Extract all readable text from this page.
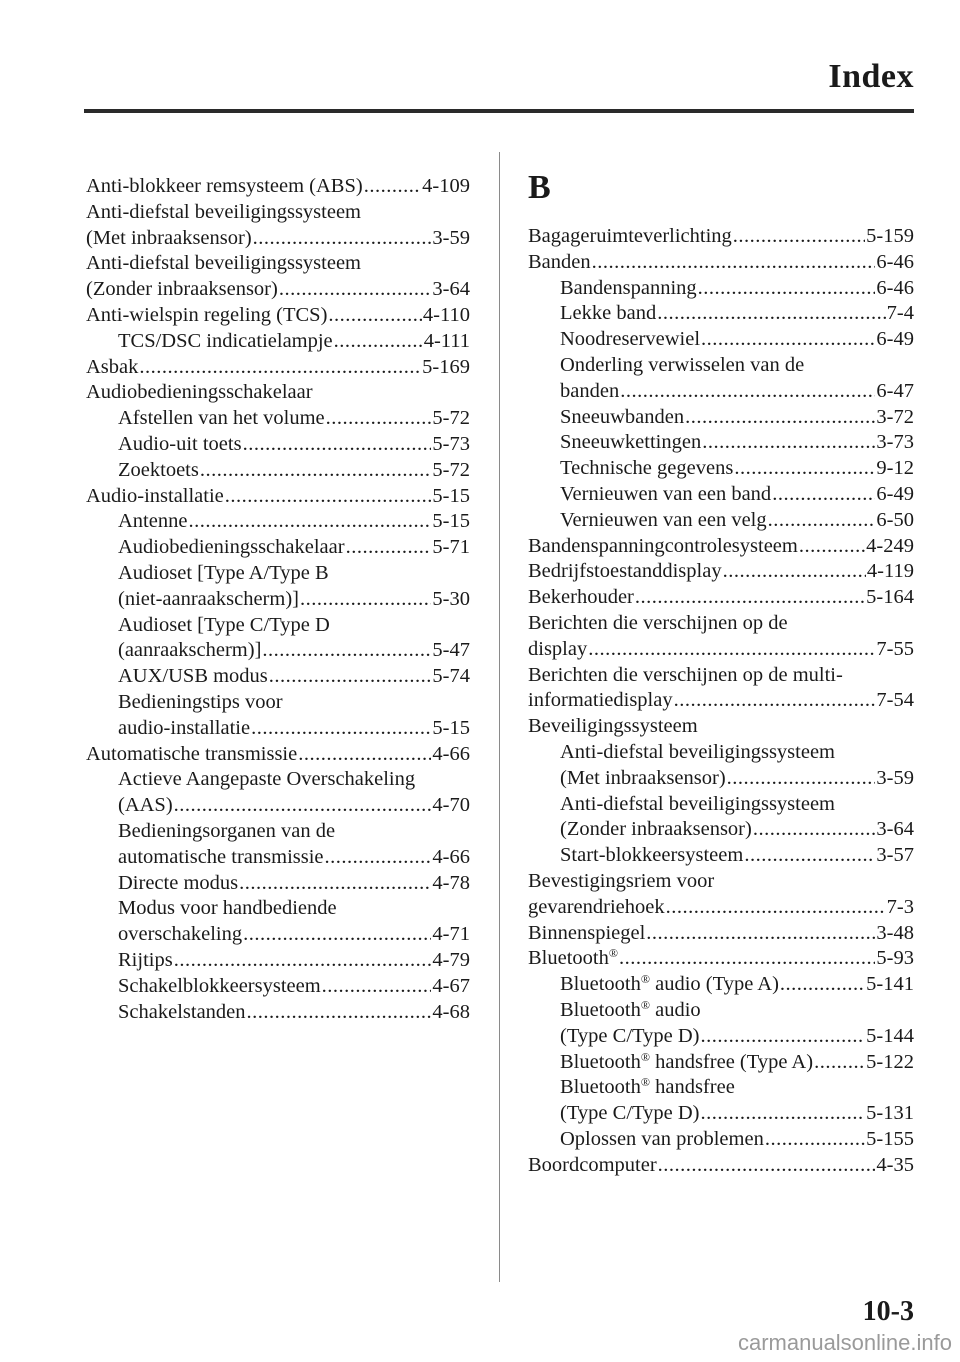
Index
Anti-blokkeer remsysteem (ABS) .....	4-109
Anti-diefstal beveiligingssysteem
(Met inbraaksensor) .....	3-59
Anti-diefstal beveiligingssysteem
(Zonder inbraaksensor) .....	3-64
Anti-wielspin regeling (TCS) .....	4-110
TCS/DSC indicatielampje .....	4-111
Asbak .....	5-169
Audiobedieningsschakelaar
Afstellen van het volume .....	5-72
Audio-uit toets .....	5-73
Zoektoets .....	5-72
Audio-installatie .....	5-15
Antenne .....	5-15
Audiobedieningsschakelaar .....	5-71
Audioset [Type A/Type B
(niet-aanraakscherm)] .....	5-30
Audioset [Type C/Type D
(aanraakscherm)] .....	5-47
AUX/USB modus .....	5-74
Bedieningstips voor
audio-installatie .....	5-15
Automatische transmissie .....	4-66
Actieve Aangepaste Overschakeling
(AAS) .....	4-70
Bedieningsorganen van de
automatische transmissie .....	4-66
Directe modus .....	4-78
Modus voor handbediende
overschakeling .....	4-71
Rijtips .....	4-79
Schakelblokkeersysteem .....	4-67
Schakelstanden .....	4-68
B
Bagageruimteverlichting .....	5-159
Banden .....	6-46
Bandenspanning .....	6-46
Lekke band .....	7-4
Noodreservewiel .....	6-49
Onderling verwisselen van de
banden .....	6-47
Sneeuwbanden .....	3-72
Sneeuwkettingen .....	3-73
Technische gegevens .....	9-12
Vernieuwen van een band .....	6-49
Vernieuwen van een velg .....	6-50
Bandenspanningcontrolesysteem .....	4-249
Bedrijfstoestanddisplay .....	4-119
Bekerhouder .....	5-164
Berichten die verschijnen op de
display .....	7-55
Berichten die verschijnen op de multi-
informatiedisplay .....	7-54
Beveiligingssysteem
Anti-diefstal beveiligingssysteem
(Met inbraaksensor) .....	3-59
Anti-diefstal beveiligingssysteem
(Zonder inbraaksensor) .....	3-64
Start-blokkeersysteem .....	3-57
Bevestigingsriem voor
gevarendriehoek .....	7-3
Binnenspiegel .....	3-48
Bluetooth® .....	5-93
Bluetooth® audio (Type A) .....	5-141
Bluetooth® audio
(Type C/Type D) .....	5-144
Bluetooth® handsfree (Type A) .....	5-122
Bluetooth® handsfree
(Type C/Type D) .....	5-131
Oplossen van problemen .....	5-155
Boordcomputer .....	4-35
10-3
carmanualsonline.info
